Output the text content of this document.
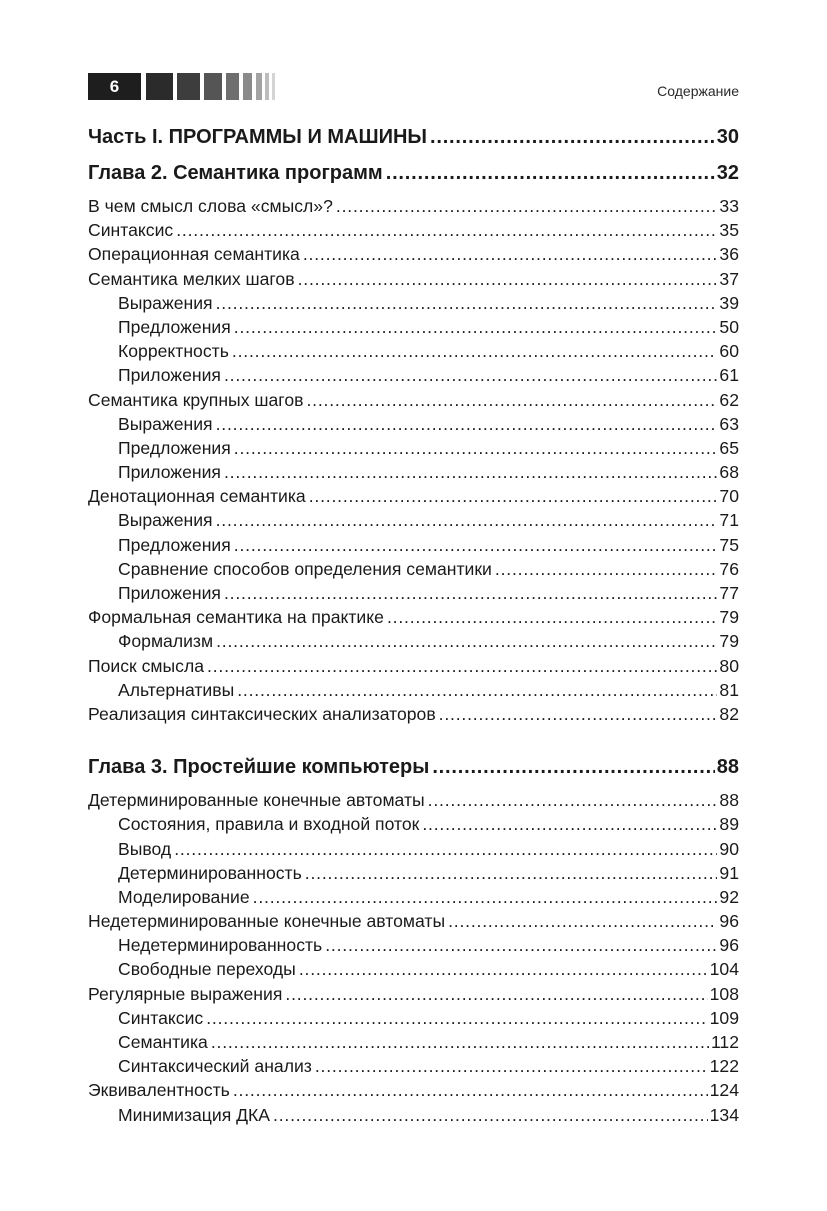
6	Содержание
Часть I. ПРОГРАММЫ И МАШИНЫ .....	30
Глава 2. Семантика программ .....	32
В чем смысл слова «смысл»? .....	33
Синтаксис .....	35
Операционная семантика .....	36
Семантика мелких шагов .....	37
Выражения .....	39
Предложения .....	50
Корректность .....	60
Приложения .....	61
Семантика крупных шагов .....	62
Выражения .....	63
Предложения .....	65
Приложения .....	68
Денотационная семантика .....	70
Выражения .....	71
Предложения .....	75
Сравнение способов определения семантики .....	76
Приложения .....	77
Формальная семантика на практике .....	79
Формализм .....	79
Поиск смысла .....	80
Альтернативы .....	81
Реализация синтаксических анализаторов .....	82
Глава 3. Простейшие компьютеры .....	88
Детерминированные конечные автоматы .....	88
Состояния, правила и входной поток .....	89
Вывод .....	90
Детерминированность .....	91
Моделирование .....	92
Недетерминированные конечные автоматы .....	96
Недетерминированность .....	96
Свободные переходы .....	104
Регулярные выражения .....	108
Синтаксис .....	109
Семантика .....	112
Синтаксический анализ .....	122
Эквивалентность .....	124
Минимизация ДКА .....	134
